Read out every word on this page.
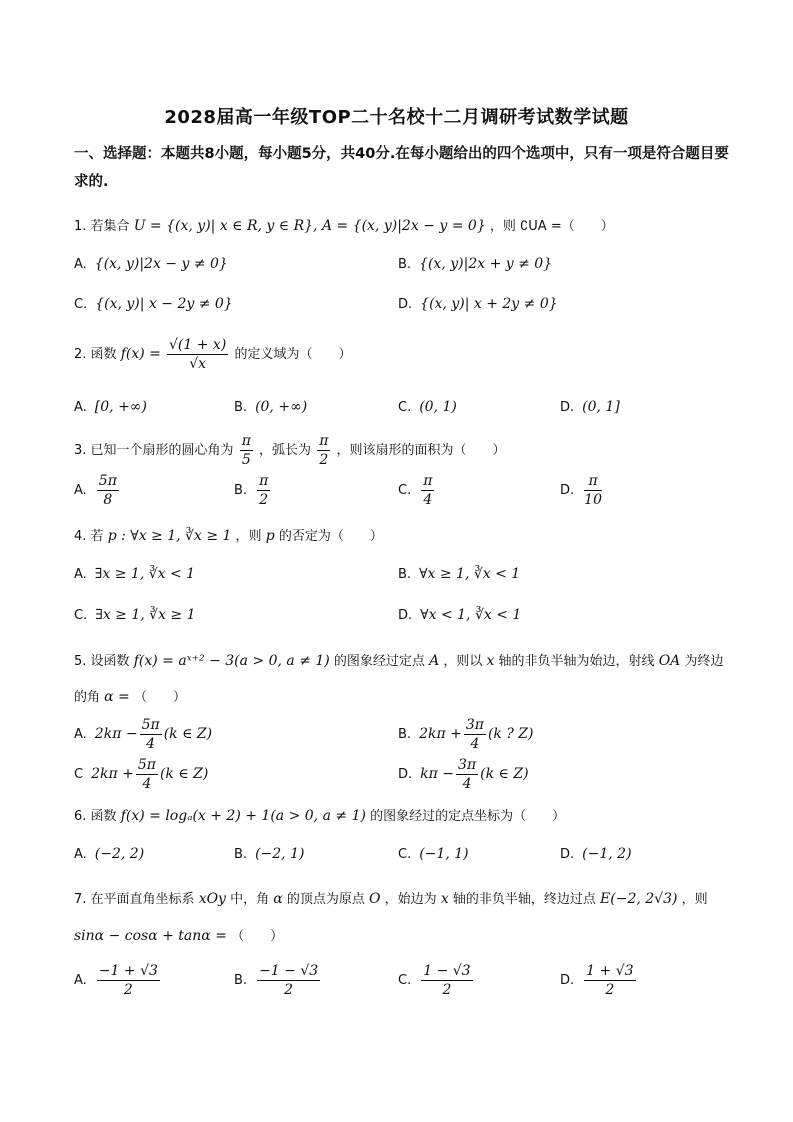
2028届高一年级TOP二十名校十二月调研考试数学试题
一、选择题：本题共8小题，每小题5分，共40分.在每小题给出的四个选项中，只有一项是符合题目要求的.
1. 若集合 U = {(x, y)| x ∈ R, y ∈ R}, A = {(x, y)|2x − y = 0} ，则 ∁UA =（　　）
A. {(x, y)|2x − y ≠ 0}	B. {(x, y)|2x + y ≠ 0}
C. {(x, y)| x − 2y ≠ 0}	D. {(x, y)| x + 2y ≠ 0}
2. 函数 $f(x) = \frac{√(1 + x)}{√x}$ 的定义域为（　　）
A. [0, +∞)	B. (0, +∞)	C. (0, 1)	D. (0, 1]
3. 已知一个扇形的圆心角为 $\frac{\pi}{5}$ ，弧长为 $\frac{\pi}{2}$ ，则该扇形的面积为（　　）
A. $\frac{5\pi}{8}$	B. $\frac{\pi}{2}$	C. $\frac{\pi}{4}$	D. $\frac{\pi}{10}$
4. 若 p : ∀x ≥ 1, ∛x ≥ 1 ，则 p 的否定为（　　）
A. ∃x ≥ 1, ∛x < 1	B. ∀x ≥ 1, ∛x < 1
C. ∃x ≥ 1, ∛x ≥ 1	D. ∀x < 1, ∛x < 1
5. 设函数 f(x) = aˣ⁺² − 3(a > 0, a ≠ 1) 的图象经过定点 A ，则以 x 轴的非负半轴为始边，射线 OA 为终边
的角 α = （　　）
A. $2k\pi - \frac{5\pi}{4} (k$ ∈ Z)	B. $2k\pi + \frac{3\pi}{4} (k$ ? Z)
C $2k\pi + \frac{5\pi}{4} (k$ ∈ Z)	D. $k\pi - \frac{3\pi}{4} (k$ ∈ Z)
6. 函数 f(x) = logₐ(x + 2) + 1(a > 0, a ≠ 1) 的图象经过的定点坐标为（　　）
A. (−2, 2)	B. (−2, 1)	C. (−1, 1)	D. (−1, 2)
7. 在平面直角坐标系 xOy 中，角 α 的顶点为原点 O ，始边为 x 轴的非负半轴，终边过点 E(−2, 2√3) ，则
sinα − cosα + tanα = （　　）
A. $\frac{-1 + √3}{2}$	B. $\frac{-1 - √3}{2}$	C. $\frac{1 - √3}{2}$	D. $\frac{1 + √3}{2}$
